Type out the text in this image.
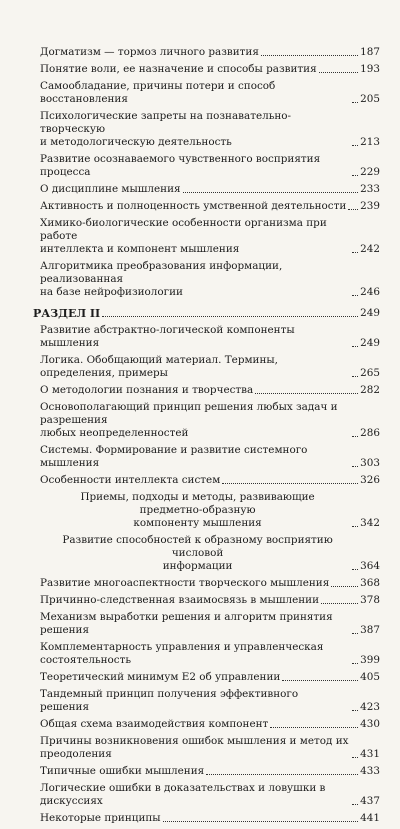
Догматизм — тормоз личного развития	187
Понятие воли, ее назначение и способы развития	193
Самообладание, причины потери и способ восстановления	205
Психологические запреты на познавательно-творческую
и методологическую деятельность	213
Развитие осознаваемого чувственного восприятия процесса	229
О дисциплине мышления	233
Активность и полноценность умственной деятельности 239
Химико-биологические особенности организма при работе
интеллекта и компонент мышления	242
Алгоритмика преобразования информации, реализованная
на базе нейрофизиологии	246
РАЗДЕЛ II	249
Развитие абстрактно-логической компоненты мышления	249
Логика. Обобщающий материал. Термины, определения, примеры	265
О методологии познания и творчества	282
Основополагающий принцип решения любых задач и разрешения
любых неопределенностей	286
Системы. Формирование и развитие системного мышления	303
Особенности интеллекта систем	326
Приемы, подходы и методы, развивающие предметно-образную
компоненту мышления	342
Развитие способностей к образному восприятию числовой
информации	364
Развитие многоаспектности творческого мышления	368
Причинно-следственная взаимосвязь в мышлении	378
Механизм выработки решения и алгоритм принятия решения	387
Комплементарность управления и управленческая состоятельность	399
Теоретический минимум Е2 об управлении	405
Тандемный принцип получения эффективного решения	423
Общая схема взаимодействия компонент	430
Причины возникновения ошибок мышления и метод их преодоления	431
Типичные ошибки мышления	433
Логические ошибки в доказательствах и ловушки в дискуссиях	437
Некоторые принципы	441
